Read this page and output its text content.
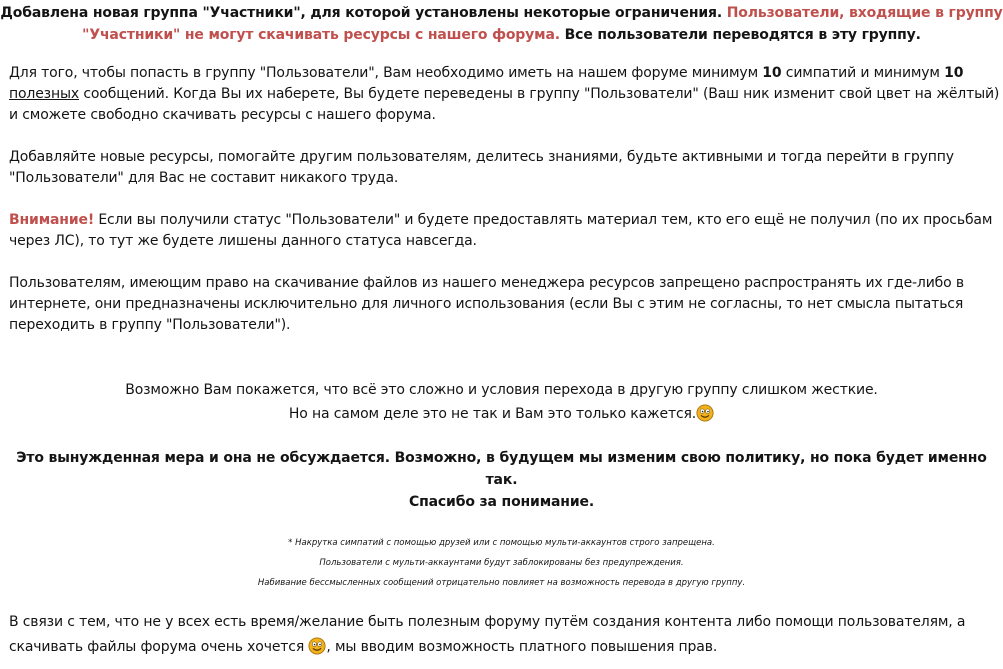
Добавлена новая группа "Участники", для которой установлены некоторые ограничения. Пользователи, входящие в группу "Участники" не могут скачивать ресурсы с нашего форума. Все пользователи переводятся в эту группу.
Для того, чтобы попасть в группу "Пользователи", Вам необходимо иметь на нашем форуме минимум 10 симпатий и минимум 10 полезных сообщений. Когда Вы их наберете, Вы будете переведены в группу "Пользователи" (Ваш ник изменит свой цвет на жёлтый) и сможете свободно скачивать ресурсы с нашего форума.
Добавляйте новые ресурсы, помогайте другим пользователям, делитесь знаниями, будьте активными и тогда перейти в группу "Пользователи" для Вас не составит никакого труда.
Внимание! Если вы получили статус "Пользователи" и будете предоставлять материал тем, кто его ещё не получил (по их просьбам через ЛС), то тут же будете лишены данного статуса навсегда.
Пользователям, имеющим право на скачивание файлов из нашего менеджера ресурсов запрещено распространять их где-либо в интернете, они предназначены исключительно для личного использования (если Вы с этим не согласны, то нет смысла пытаться переходить в группу "Пользователи").
Возможно Вам покажется, что всё это сложно и условия перехода в другую группу слишком жесткие.
Но на самом деле это не так и Вам это только кажется.
Это вынужденная мера и она не обсуждается. Возможно, в будущем мы изменим свою политику, но пока будет именно так.
Спасибо за понимание.
* Накрутка симпатий с помощью друзей или с помощью мульти-аккаунтов строго запрещена.
Пользователи с мульти-аккаунтами будут заблокированы без предупреждения.
Набивание бессмысленных сообщений отрицательно повлияет на возможность перевода в другую группу.
В связи с тем, что не у всех есть время/желание быть полезным форуму путём создания контента либо помощи пользователям, а скачивать файлы форума очень хочется
, мы вводим возможность платного повышения прав.
